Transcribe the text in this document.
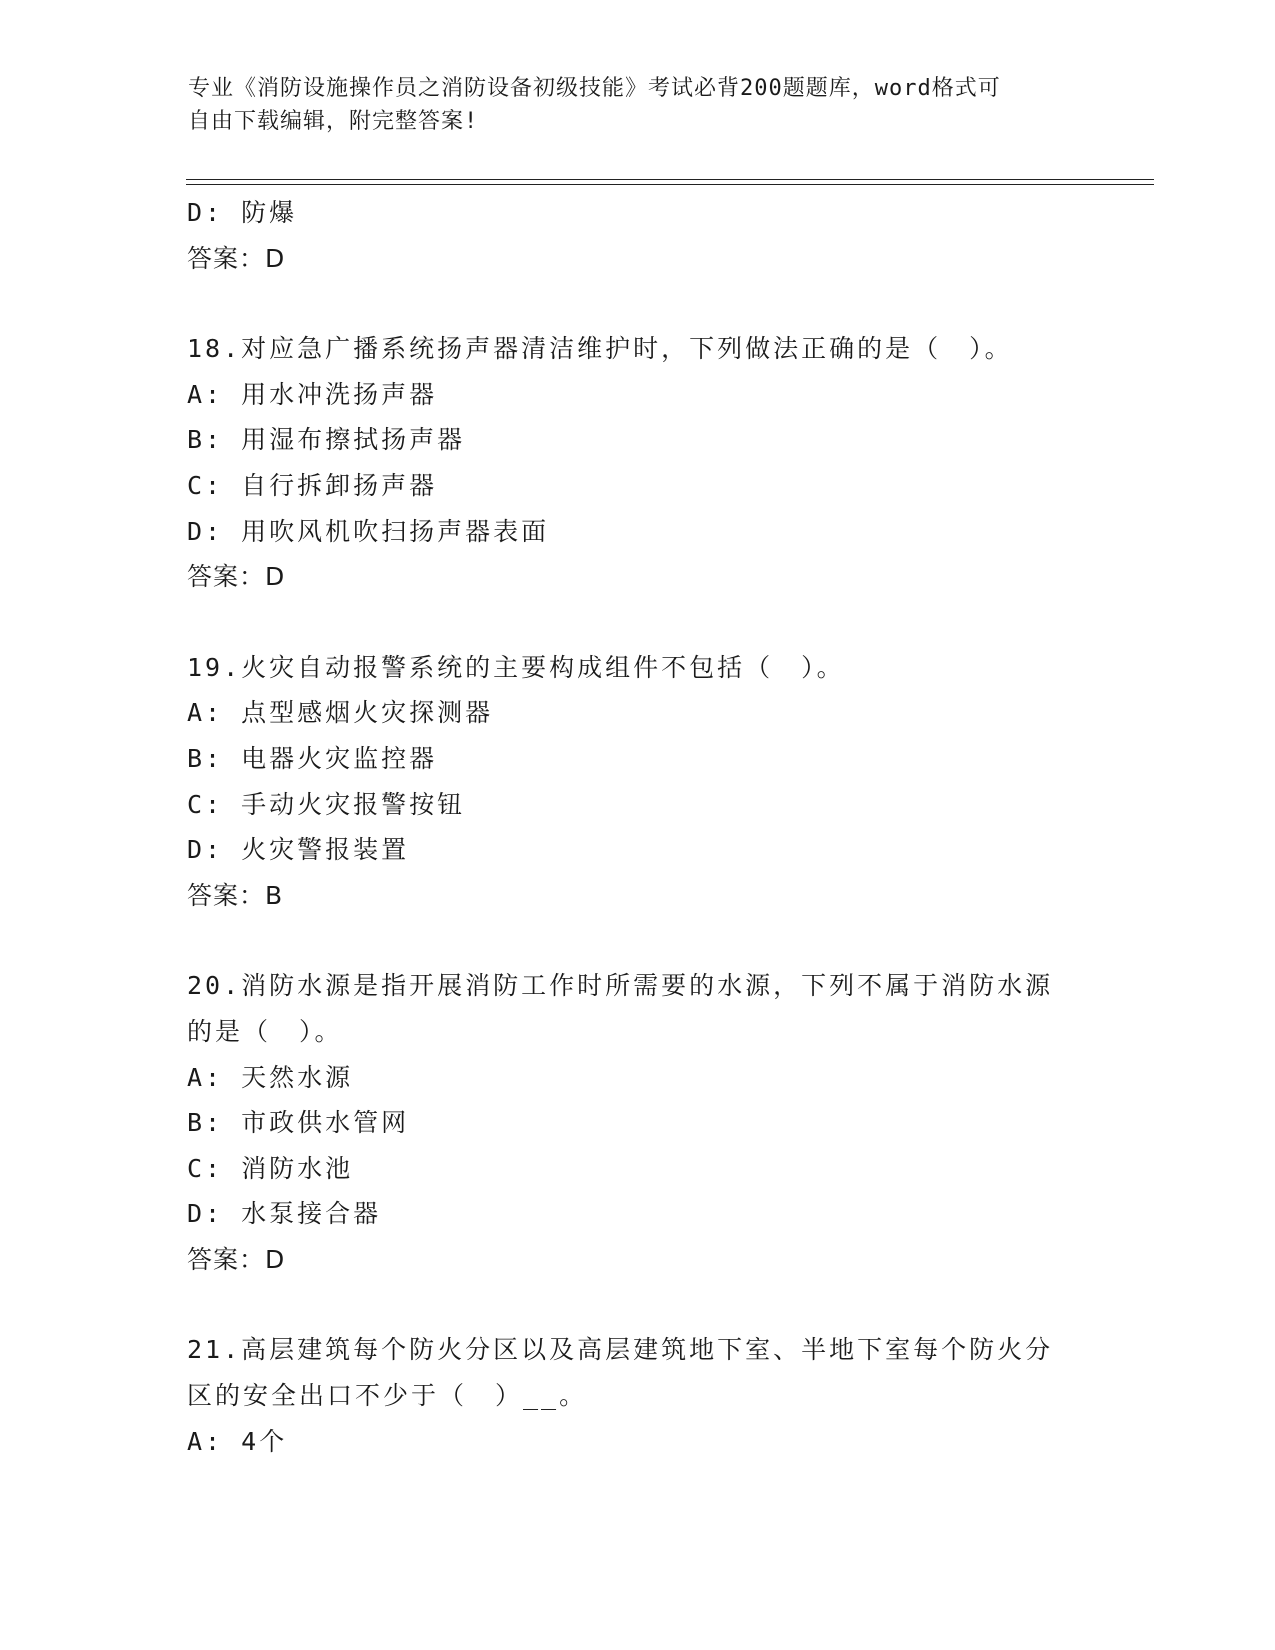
专业《消防设施操作员之消防设备初级技能》考试必背200题题库，word格式可
自由下载编辑，附完整答案!
D: 防爆
答案：D
18.对应急广播系统扬声器清洁维护时，下列做法正确的是（　）。
A: 用水冲洗扬声器
B: 用湿布擦拭扬声器
C: 自行拆卸扬声器
D: 用吹风机吹扫扬声器表面
答案：D
19.火灾自动报警系统的主要构成组件不包括（　）。
A: 点型感烟火灾探测器
B: 电器火灾监控器
C: 手动火灾报警按钮
D: 火灾警报装置
答案：B
20.消防水源是指开展消防工作时所需要的水源，下列不属于消防水源
的是（　）。
A: 天然水源
B: 市政供水管网
C: 消防水池
D: 水泵接合器
答案：D
21.高层建筑每个防火分区以及高层建筑地下室、半地下室每个防火分
区的安全出口不少于（　）__。
A: 4个
